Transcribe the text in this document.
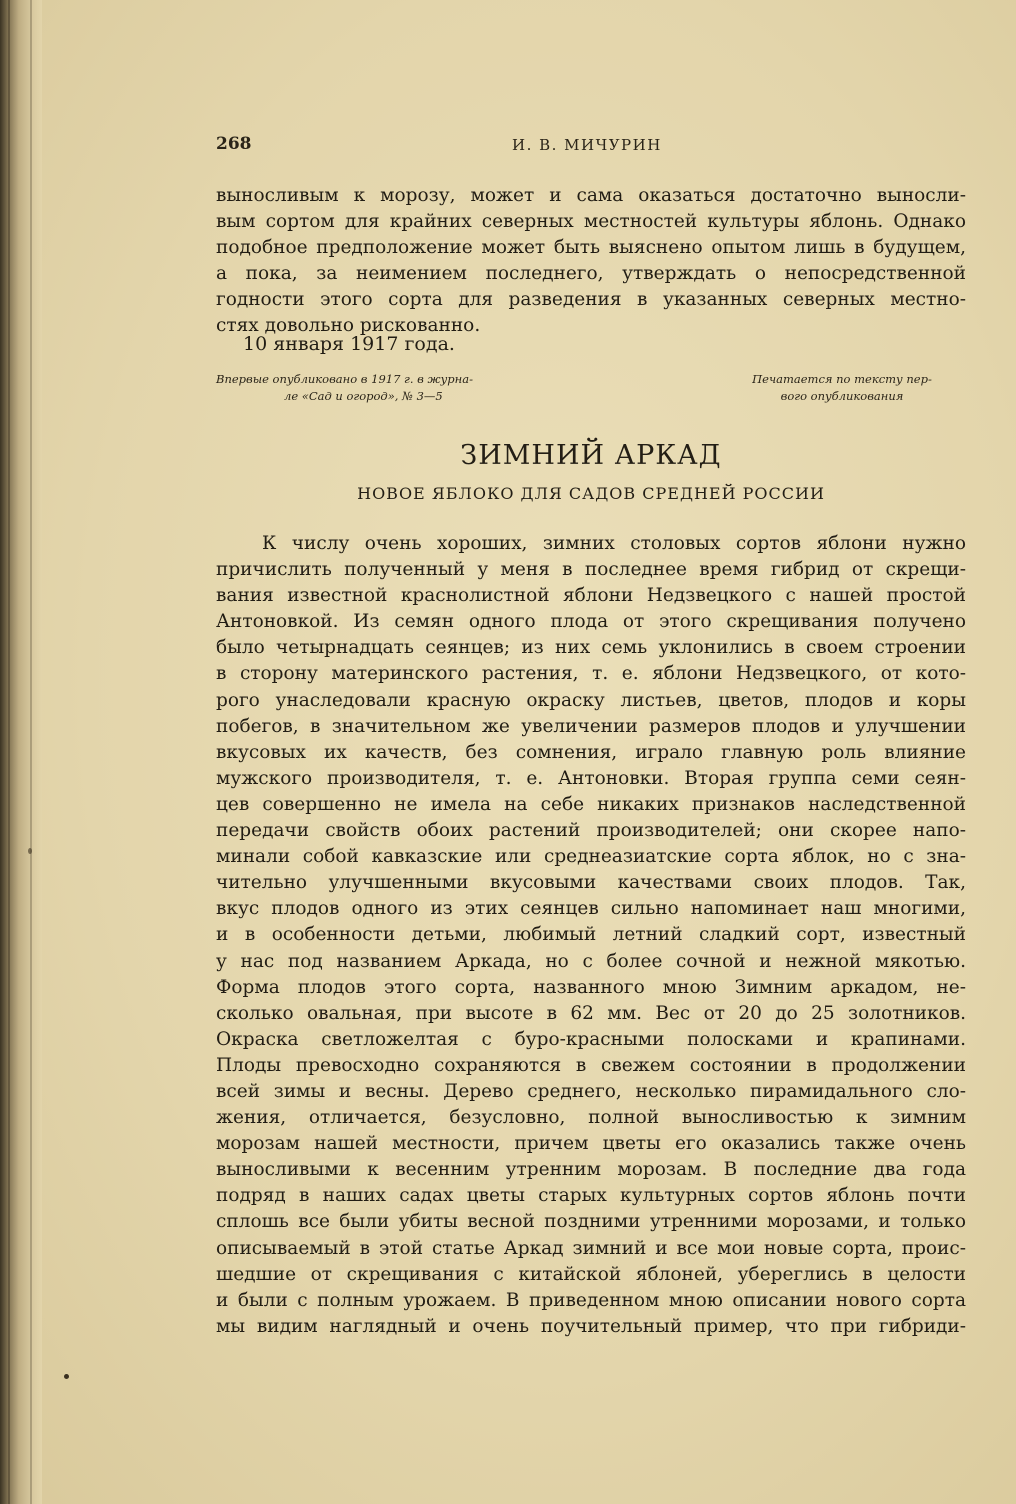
268	И. В. МИЧУРИН
выносливым к морозу, может и сама оказаться достаточно выносли-
вым сортом для крайних северных местностей культуры яблонь. Однако
подобное предположение может быть выяснено опытом лишь в будущем,
а пока, за неимением последнего, утверждать о непосредственной
годности этого сорта для разведения в указанных северных местно-
стях довольно рискованно.
10 января 1917 года.
Впервые опубликовано в 1917 г. в журна-
ле «Сад и огород», № 3—5
Печатается по тексту пер-
вого опубликования
ЗИМНИЙ АРКАД
НОВОЕ ЯБЛОКО ДЛЯ САДОВ СРЕДНЕЙ РОССИИ
К числу очень хороших, зимних столовых сортов яблони нужно
причислить полученный у меня в последнее время гибрид от скрещи-
вания известной краснолистной яблони Недзвецкого с нашей простой
Антоновкой. Из семян одного плода от этого скрещивания получено
было четырнадцать сеянцев; из них семь уклонились в своем строении
в сторону материнского растения, т. е. яблони Недзвецкого, от кото-
рого унаследовали красную окраску листьев, цветов, плодов и коры
побегов, в значительном же увеличении размеров плодов и улучшении
вкусовых их качеств, без сомнения, играло главную роль влияние
мужского производителя, т. е. Антоновки. Вторая группа семи сеян-
цев совершенно не имела на себе никаких признаков наследственной
передачи свойств обоих растений производителей; они скорее напо-
минали собой кавказские или среднеазиатские сорта яблок, но с зна-
чительно улучшенными вкусовыми качествами своих плодов. Так,
вкус плодов одного из этих сеянцев сильно напоминает наш многими,
и в особенности детьми, любимый летний сладкий сорт, известный
у нас под названием Аркада, но с более сочной и нежной мякотью.
Форма плодов этого сорта, названного мною Зимним аркадом, не-
сколько овальная, при высоте в 62 мм. Вес от 20 до 25 золотников.
Окраска светложелтая с буро-красными полосками и крапинами.
Плоды превосходно сохраняются в свежем состоянии в продолжении
всей зимы и весны. Дерево среднего, несколько пирамидального сло-
жения, отличается, безусловно, полной выносливостью к зимним
морозам нашей местности, причем цветы его оказались также очень
выносливыми к весенним утренним морозам. В последние два года
подряд в наших садах цветы старых культурных сортов яблонь почти
сплошь все были убиты весной поздними утренними морозами, и только
описываемый в этой статье Аркад зимний и все мои новые сорта, проис-
шедшие от скрещивания с китайской яблоней, уберeглись в целости
и были с полным урожаем. В приведенном мною описании нового сорта
мы видим наглядный и очень поучительный пример, что при гибриди-
